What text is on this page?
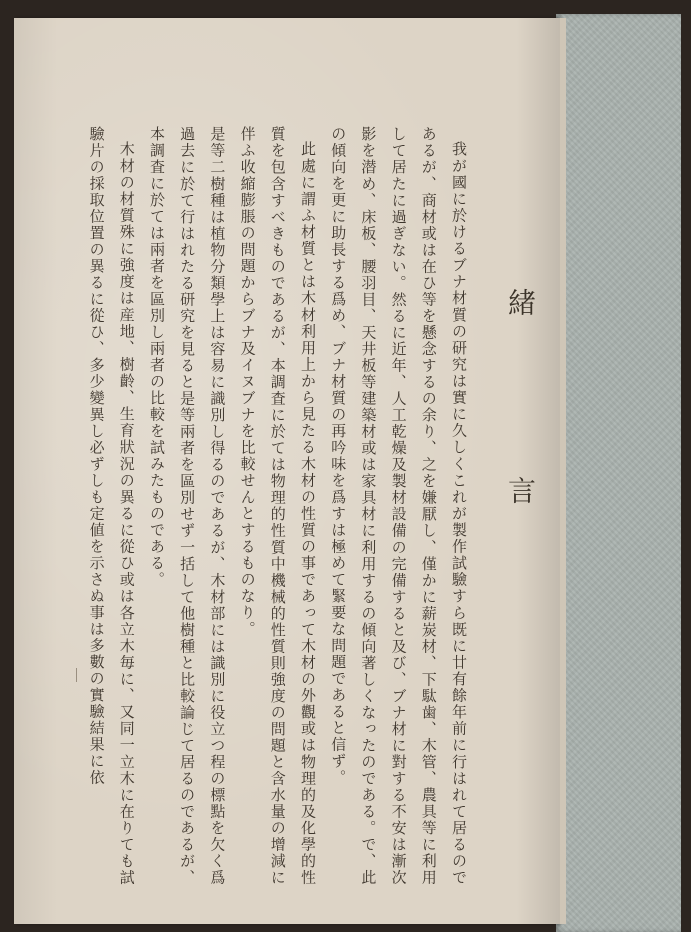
緒　言

我が國に於けるブナ材質の研究は實に久しくこれが製作試驗すら既に廿有餘年前に行はれて居るのであるが、商材或は在ひ等を懸念するの余り、之を嫌厭し、僅かに薪炭材、下駄歯、木管、農具等に利用して居たに過ぎない。然るに近年、人工乾燥及製材設備の完備すると及び、ブナ材に對する不安は漸次影を潜め、床板、腰羽目、天井板等建築材或は家具材に利用するの傾向著しくなったのである。で、此の傾向を更に助長する爲め、ブナ材質の再吟味を爲すは極めて緊要な問題であると信ず。

此處に謂ふ材質とは木材利用上から見たる木材の性質の事であって木材の外觀或は物理的及化學的性質を包含すべきものであるが、本調査に於ては物理的性質中機械的性質則強度の問題と含水量の增減に伴ふ收縮膨脹の問題からブナ及イヌブナを比較せんとするものなり。

是等二樹種は植物分類學上は容易に識別し得るのであるが、木材部には識別に役立つ程の標點を欠く爲過去に於て行はれたる研究を見ると是等兩者を區別せず一括して他樹種と比較論じて居るのであるが、本調査に於ては兩者を區別し兩者の比較を試みたものである。

木材の材質殊に強度は産地、樹齡、生育狀況の異るに從ひ或は各立木毎に、又同一立木に在りても試驗片の採取位置の異るに從ひ、多少變異し必ずしも定値を示さぬ事は多數の實驗結果に依
